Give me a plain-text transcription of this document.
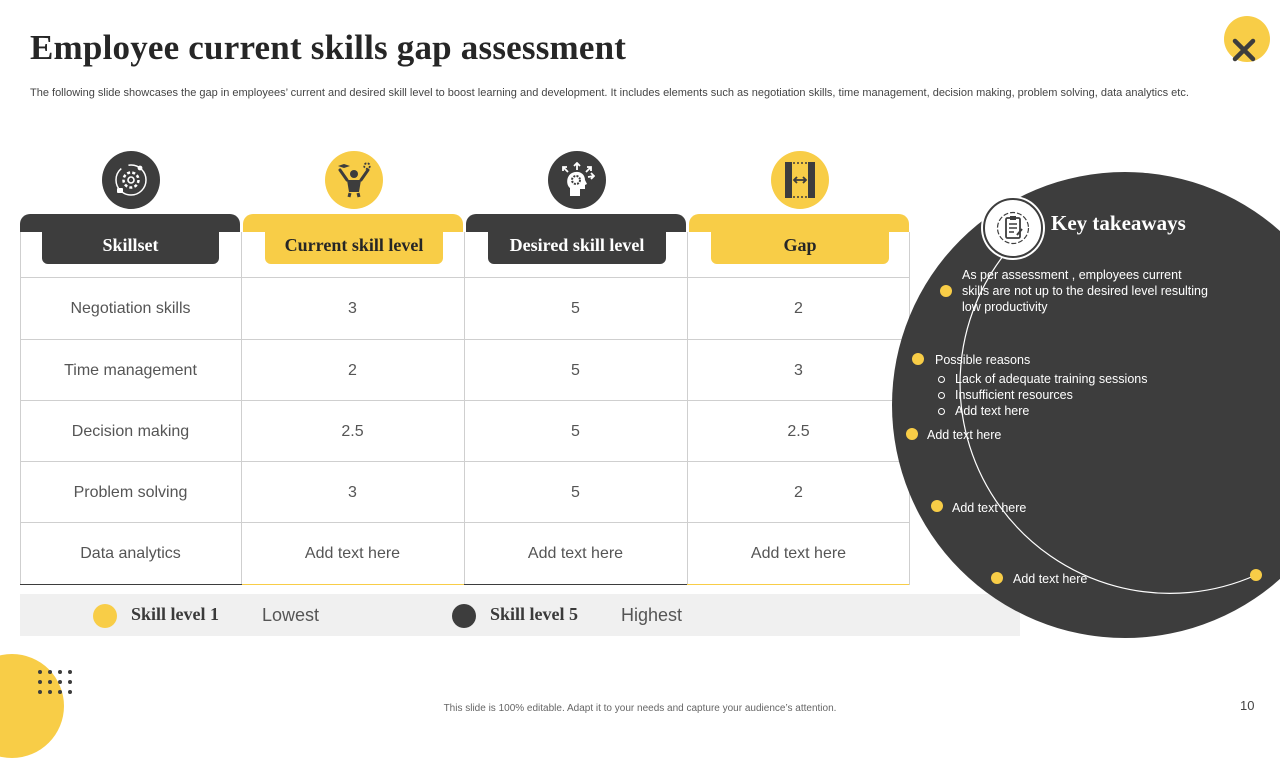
Employee current skills gap assessment
The following slide showcases the gap in employees’ current and desired skill level to boost learning and development. It includes elements such as negotiation skills, time management, decision making, problem solving, data analytics etc.
Skillset	Current skill level	Desired skill level	Gap
Negotiation skills	3	5	2
Time management	2	5	3
Decision making	2.5	5	2.5
Problem solving	3	5	2
Data analytics	Add text here	Add text here	Add text here
Skill level 1 Lowest	Skill level 5 Highest
Key takeaways
As per assessment , employees current skills are not up to the desired level resulting low productivity
Possible reasons
Lack of adequate training sessions
Insufficient resources
Add text here
Add text here
Add text here
Add text here
This slide is 100% editable. Adapt it to your needs and capture your audience’s attention.	10
